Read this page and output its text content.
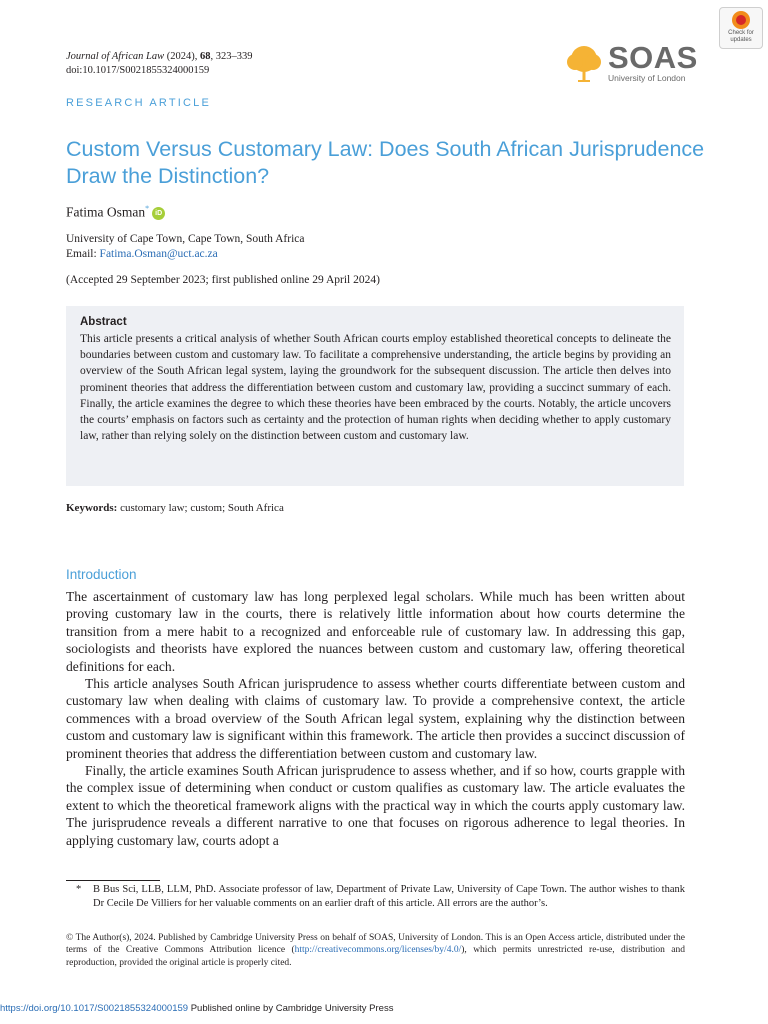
Journal of African Law (2024), 68, 323–339
doi:10.1017/S0021855324000159
Check for
updates
SOAS
University of London
RESEARCH ARTICLE
Custom Versus Customary Law: Does South African Jurisprudence Draw the Distinction?
Fatima Osman*iD
University of Cape Town, Cape Town, South Africa
Email: Fatima.Osman@uct.ac.za
(Accepted 29 September 2023; first published online 29 April 2024)
Abstract
This article presents a critical analysis of whether South African courts employ established theoretical concepts to delineate the boundaries between custom and customary law. To facilitate a comprehensive understanding, the article begins by providing an overview of the South African legal system, laying the groundwork for the subsequent discussion. The article then delves into prominent theories that address the differentiation between custom and customary law, providing a succinct summary of each. Finally, the article examines the degree to which these theories have been embraced by the courts. Notably, the article uncovers the courts’ emphasis on factors such as certainty and the protection of human rights when deciding whether to apply customary law, rather than relying solely on the distinction between custom and customary law.
Keywords: customary law; custom; South Africa
Introduction

The ascertainment of customary law has long perplexed legal scholars. While much has been written about proving customary law in the courts, there is relatively little information about how courts determine the transition from a mere habit to a recognized and enforceable rule of customary law. In addressing this gap, sociologists and theorists have explored the nuances between custom and customary law, offering theoretical definitions for each.

This article analyses South African jurisprudence to assess whether courts differentiate between custom and customary law when dealing with claims of customary law. To provide a comprehensive context, the article commences with a broad overview of the South African legal system, explaining why the distinction between custom and customary law is significant within this framework. The article then provides a succinct discussion of prominent theories that address the differentiation between custom and customary law.

Finally, the article examines South African jurisprudence to assess whether, and if so how, courts grapple with the complex issue of determining when conduct or custom qualifies as customary law. The article evaluates the extent to which the theoretical framework aligns with the practical way in which the courts apply customary law. The jurisprudence reveals a different narrative to one that focuses on rigorous adherence to legal theories. In applying customary law, courts adopt a

* B Bus Sci, LLB, LLM, PhD. Associate professor of law, Department of Private Law, University of Cape Town. The author wishes to thank Dr Cecile De Villiers for her valuable comments on an earlier draft of this article. All errors are the author’s.
© The Author(s), 2024. Published by Cambridge University Press on behalf of SOAS, University of London. This is an Open Access article, distributed under the terms of the Creative Commons Attribution licence (http://creativecommons.org/licenses/by/4.0/), which permits unrestricted re-use, distribution and reproduction, provided the original article is properly cited.
https://doi.org/10.1017/S0021855324000159 Published online by Cambridge University Press
